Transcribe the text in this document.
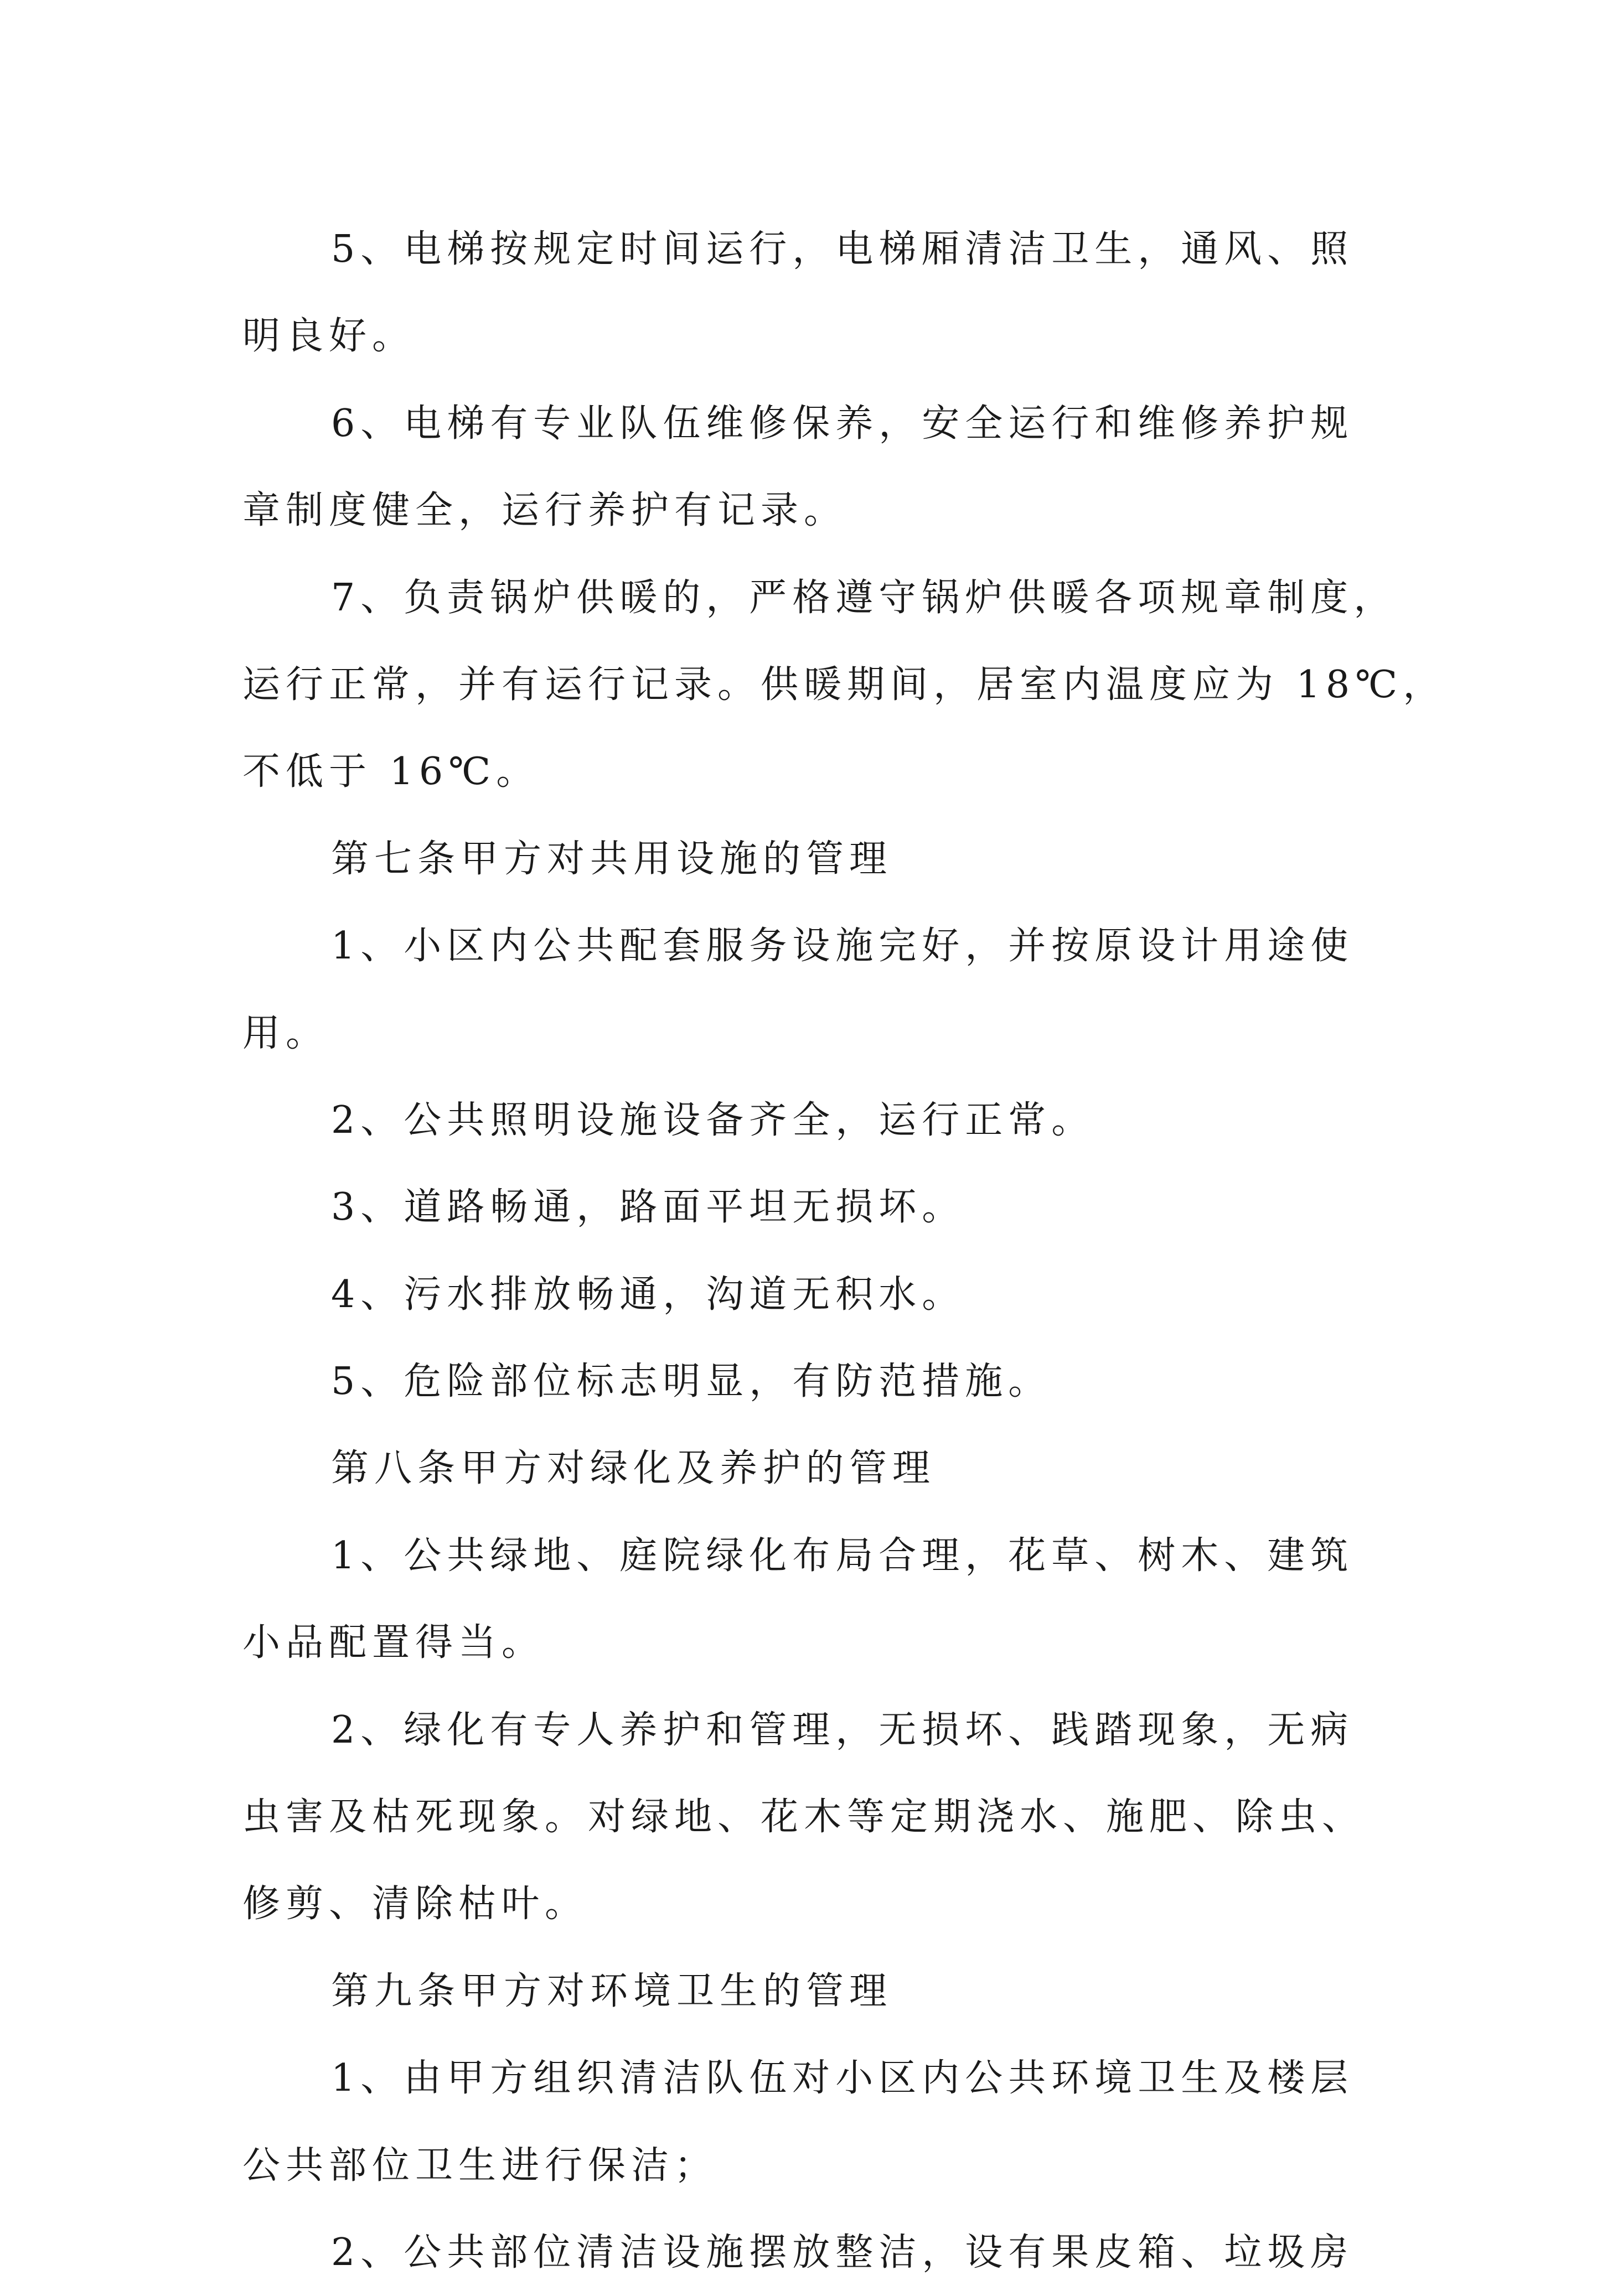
5、电梯按规定时间运行，电梯厢清洁卫生，通风、照
明良好。
6、电梯有专业队伍维修保养，安全运行和维修养护规
章制度健全，运行养护有记录。
7、负责锅炉供暖的，严格遵守锅炉供暖各项规章制度，
运行正常，并有运行记录。供暖期间，居室内温度应为 18℃，
不低于 16℃。
第七条甲方对共用设施的管理
1、小区内公共配套服务设施完好，并按原设计用途使
用。
2、公共照明设施设备齐全，运行正常。
3、道路畅通，路面平坦无损坏。
4、污水排放畅通，沟道无积水。
5、危险部位标志明显，有防范措施。
第八条甲方对绿化及养护的管理
1、公共绿地、庭院绿化布局合理，花草、树木、建筑
小品配置得当。
2、绿化有专人养护和管理，无损坏、践踏现象，无病
虫害及枯死现象。对绿地、花木等定期浇水、施肥、除虫、
修剪、清除枯叶。
第九条甲方对环境卫生的管理
1、由甲方组织清洁队伍对小区内公共环境卫生及楼层
公共部位卫生进行保洁；
2、公共部位清洁设施摆放整洁，设有果皮箱、垃圾房
